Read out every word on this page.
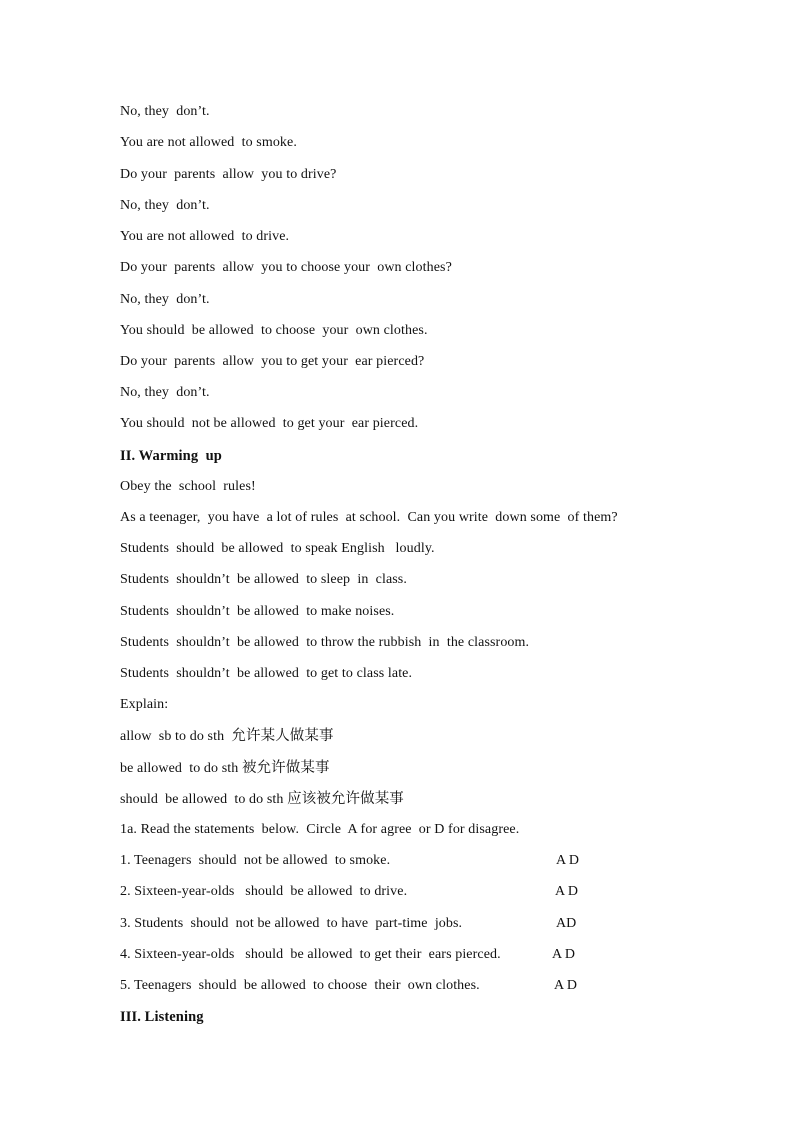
No, they  don’t.
You are not allowed  to smoke.
Do your  parents  allow  you to drive?
No, they  don’t.
You are not allowed  to drive.
Do your  parents  allow  you to choose your  own clothes?
No, they  don’t.
You should  be allowed  to choose  your  own clothes.
Do your  parents  allow  you to get your  ear pierced?
No, they  don’t.
You should  not be allowed  to get your  ear pierced.
II. Warming  up
Obey the  school  rules!
As a teenager,  you have  a lot of rules  at school.  Can you write  down some  of them?
Students  should  be allowed  to speak English   loudly.
Students  shouldn’t  be allowed  to sleep  in  class.
Students  shouldn’t  be allowed  to make noises.
Students  shouldn’t  be allowed  to throw the rubbish  in  the classroom.
Students  shouldn’t  be allowed  to get to class late.
Explain:
allow  sb to do sth  允许某人做某事
be allowed  to do sth 被允许做某事
should  be allowed  to do sth 应该被允许做某事
1a. Read the statements  below.  Circle  A for agree  or D for disagree.
1. Teenagers  should  not be allowed  to smoke.	A D
2. Sixteen-year-olds   should  be allowed  to drive.	A D
3. Students  should  not be allowed  to have  part-time  jobs.	AD
4. Sixteen-year-olds   should  be allowed  to get their  ears pierced.	A D
5. Teenagers  should  be allowed  to choose  their  own clothes.	A D
III. Listening
